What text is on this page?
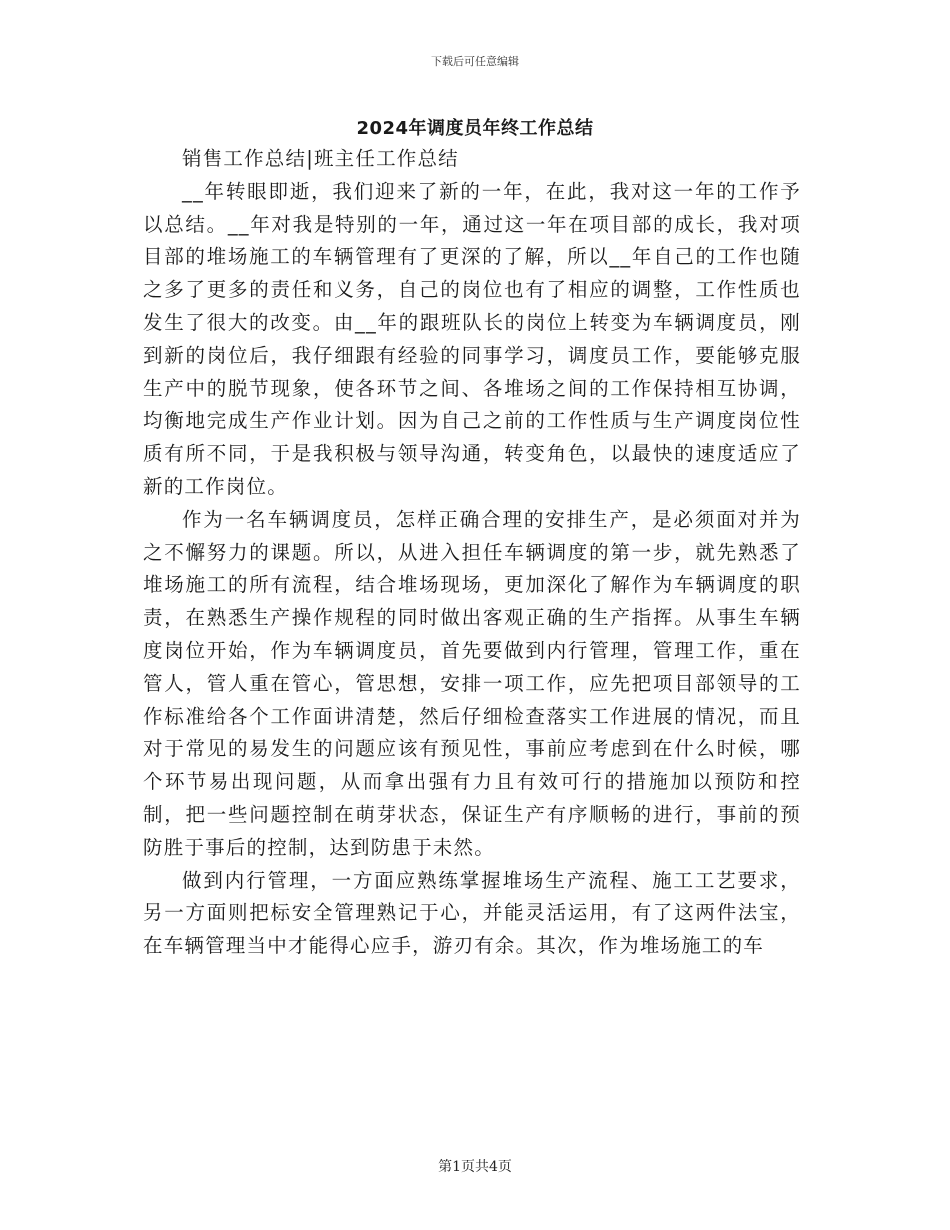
下载后可任意编辑
2024年调度员年终工作总结

销售工作总结|班主任工作总结

__年转眼即逝，我们迎来了新的一年，在此，我对这一年的工作予以总结。__年对我是特别的一年，通过这一年在项目部的成长，我对项目部的堆场施工的车辆管理有了更深的了解，所以__年自己的工作也随之多了更多的责任和义务，自己的岗位也有了相应的调整，工作性质也发生了很大的改变。由__年的跟班队长的岗位上转变为车辆调度员，刚到新的岗位后，我仔细跟有经验的同事学习，调度员工作，要能够克服生产中的脱节现象，使各环节之间、各堆场之间的工作保持相互协调，均衡地完成生产作业计划。因为自己之前的工作性质与生产调度岗位性质有所不同，于是我积极与领导沟通，转变角色，以最快的速度适应了新的工作岗位。

作为一名车辆调度员，怎样正确合理的安排生产，是必须面对并为之不懈努力的课题。所以，从进入担任车辆调度的第一步，就先熟悉了堆场施工的所有流程，结合堆场现场，更加深化了解作为车辆调度的职责，在熟悉生产操作规程的同时做出客观正确的生产指挥。从事生车辆度岗位开始，作为车辆调度员，首先要做到内行管理，管理工作，重在管人，管人重在管心，管思想，安排一项工作，应先把项目部领导的工作标准给各个工作面讲清楚，然后仔细检查落实工作进展的情况，而且对于常见的易发生的问题应该有预见性，事前应考虑到在什么时候，哪个环节易出现问题，从而拿出强有力且有效可行的措施加以预防和控制，把一些问题控制在萌芽状态，保证生产有序顺畅的进行，事前的预防胜于事后的控制，达到防患于未然。

做到内行管理，一方面应熟练掌握堆场生产流程、施工工艺要求，另一方面则把标安全管理熟记于心，并能灵活运用，有了这两件法宝，在车辆管理当中才能得心应手，游刃有余。其次，作为堆场施工的车

第1页共4页
